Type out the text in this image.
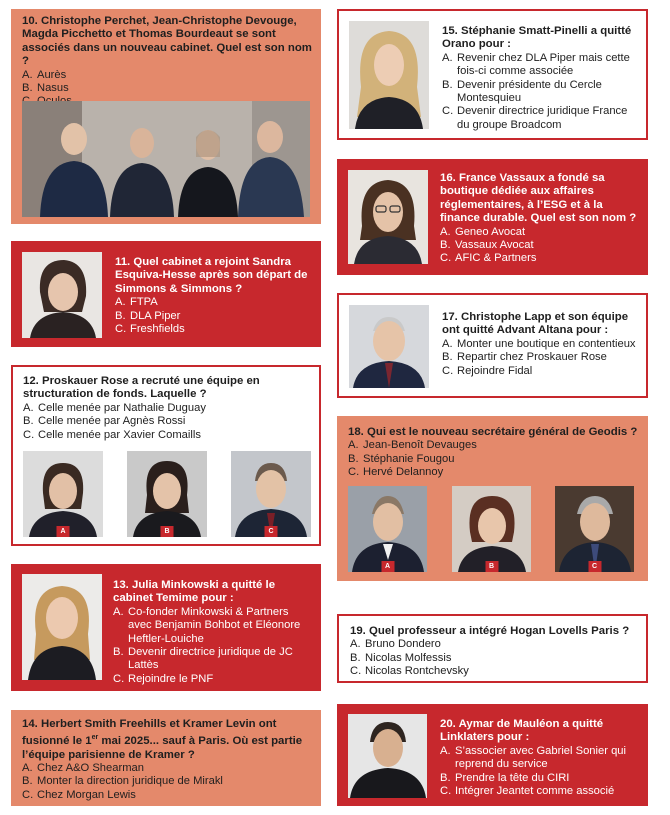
10. Christophe Perchet, Jean-Christophe Devouge, Magda Picchetto et Thomas Bourdeaut se sont associés dans un nouveau cabinet. Quel est son nom ?
A. Aurès
B. Nasus
11. Quel cabinet a rejoint Sandra Esquiva-Hesse après son départ de Simmons & Simmons ?
A. FTPA
B. DLA Piper
C. Freshfields
12. Proskauer Rose a recruté une équipe en structuration de fonds. Laquelle ?
A. Celle menée par Nathalie Duguay
B. Celle menée par Agnès Rossi
C. Celle menée par Xavier Comaills
A	B	C
13. Julia Minkowski a quitté le cabinet Temime pour :
A. Co-fonder Minkowski & Partners avec Benjamin Bohbot et Eléonore Heftler-Louiche
B. Devenir directrice juridique de JC Lattès
C. Rejoindre le PNF
14. Herbert Smith Freehills et Kramer Levin ont fusionné le 1er mai 2025... sauf à Paris. Où est partie l’équipe parisienne de Kramer ?
A. Chez A&O Shearman
B. Monter la direction juridique de Mirakl
C. Chez Morgan Lewis
15. Stéphanie Smatt-Pinelli a quitté Orano pour :
A. Revenir chez DLA Piper mais cette fois-ci comme associée
B. Devenir présidente du Cercle Montesquieu
C. Devenir directrice juridique France du groupe Broadcom
16. France Vassaux a fondé sa boutique dédiée aux affaires réglementaires, à l’ESG et à la finance durable. Quel est son nom ?
A. Geneo Avocat
B. Vassaux Avocat
C. AFIC & Partners
17. Christophe Lapp et son équipe ont quitté Advant Altana pour :
A. Monter une boutique en contentieux
B. Repartir chez Proskauer Rose
C. Rejoindre Fidal
18. Qui est le nouveau secrétaire général de Geodis ?
A. Jean-Benoît Devauges
B. Stéphanie Fougou
C. Hervé Delannoy
A	B	C
19. Quel professeur a intégré Hogan Lovells Paris ?
A. Bruno Dondero
B. Nicolas Molfessis
C. Nicolas Rontchevsky
20. Aymar de Mauléon a quitté Linklaters pour :
A. S’associer avec Gabriel Sonier qui reprend du service
B. Prendre la tête du CIRI
C. Intégrer Jeantet comme associé
